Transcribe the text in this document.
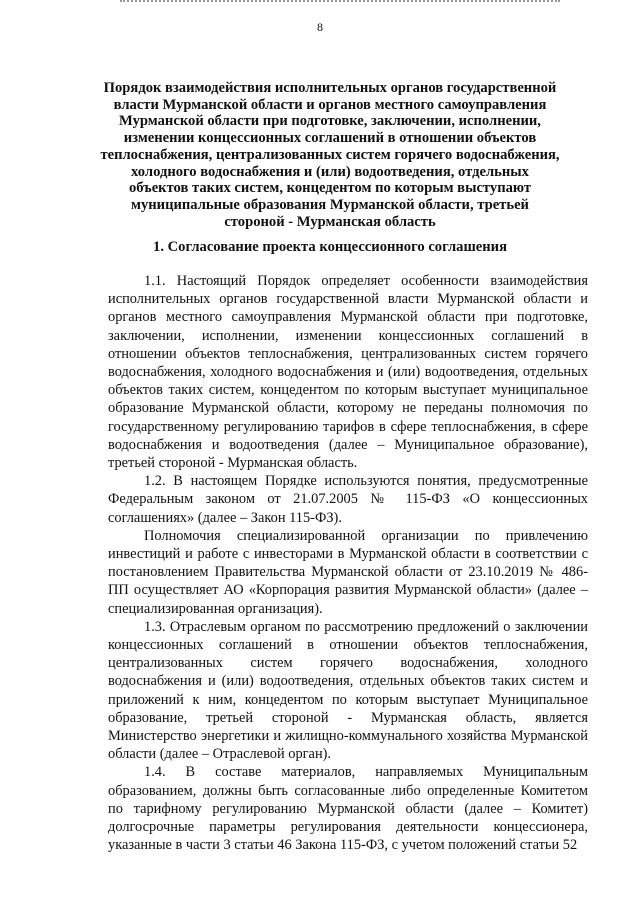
8
Порядок взаимодействия исполнительных органов государственной власти Мурманской области и органов местного самоуправления Мурманской области при подготовке, заключении, исполнении, изменении концессионных соглашений в отношении объектов теплоснабжения, централизованных систем горячего водоснабжения, холодного водоснабжения и (или) водоотведения, отдельных объектов таких систем, концедентом по которым выступают муниципальные образования Мурманской области, третьей стороной - Мурманская область
1. Согласование проекта концессионного соглашения

1.1. Настоящий Порядок определяет особенности взаимодействия исполнительных органов государственной власти Мурманской области и органов местного самоуправления Мурманской области при подготовке, заключении, исполнении, изменении концессионных соглашений в отношении объектов теплоснабжения, централизованных систем горячего водоснабжения, холодного водоснабжения и (или) водоотведения, отдельных объектов таких систем, концедентом по которым выступает муниципальное образование Мурманской области, которому не переданы полномочия по государственному регулированию тарифов в сфере теплоснабжения, в сфере водоснабжения и водоотведения (далее – Муниципальное образование), третьей стороной - Мурманская область.

1.2. В настоящем Порядке используются понятия, предусмотренные Федеральным законом от 21.07.2005 № 115-ФЗ «О концессионных соглашениях» (далее – Закон 115-ФЗ).

Полномочия специализированной организации по привлечению инвестиций и работе с инвесторами в Мурманской области в соответствии с постановлением Правительства Мурманской области от 23.10.2019 № 486-ПП осуществляет АО «Корпорация развития Мурманской области» (далее – специализированная организация).

1.3. Отраслевым органом по рассмотрению предложений о заключении концессионных соглашений в отношении объектов теплоснабжения, централизованных систем горячего водоснабжения, холодного водоснабжения и (или) водоотведения, отдельных объектов таких систем и приложений к ним, концедентом по которым выступает Муниципальное образование, третьей стороной - Мурманская область, является Министерство энергетики и жилищно-коммунального хозяйства Мурманской области (далее – Отраслевой орган).

1.4. В составе материалов, направляемых Муниципальным образованием, должны быть согласованные либо определенные Комитетом по тарифному регулированию Мурманской области (далее – Комитет) долгосрочные параметры регулирования деятельности концессионера, указанные в части 3 статьи 46 Закона 115-ФЗ, с учетом положений статьи 52
